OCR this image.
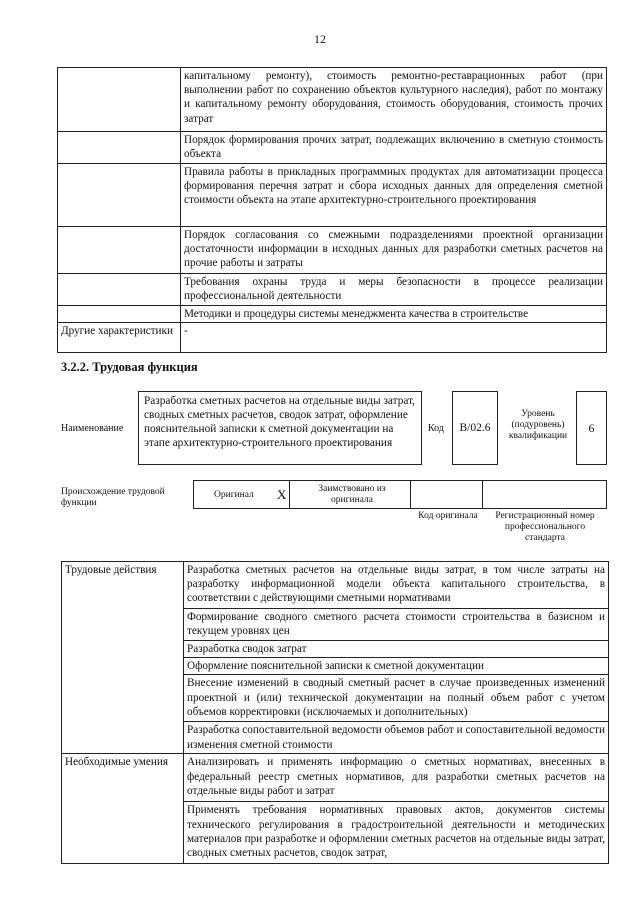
12
	капитальному ремонту), стоимость ремонтно-реставрационных работ (при выполнении работ по сохранению объектов культурного наследия), работ по монтажу и капитальному ремонту оборудования, стоимость оборудования, стоимость прочих затрат
	Порядок формирования прочих затрат, подлежащих включению в сметную стоимость объекта
	Правила работы в прикладных программных продуктах для автоматизации процесса формирования перечня затрат и сбора исходных данных для определения сметной стоимости объекта на этапе архитектурно-строительного проектирования
	Порядок согласования со смежными подразделениями проектной организации достаточности информации в исходных данных для разработки сметных расчетов на прочие работы и затраты
	Требования охраны труда и меры безопасности в процессе реализации профессиональной деятельности
	Методики и процедуры системы менеджмента качества в строительстве
Другие характеристики	-
3.2.2. Трудовая функция
Наименование
Разработка сметных расчетов на отдельные виды затрат, сводных сметных расчетов, сводок затрат, оформление пояснительной записки к сметной документации на этапе архитектурно-строительного проектирования
Код В/02.6
Уровень (подуровень) квалификации
6
Происхождение трудовой функции
Оригинал X	Заимствовано из оригинала
Код оригинала	Регистрационный номер профессионального стандарта
Трудовые действия	Разработка сметных расчетов на отдельные виды затрат, в том числе затраты на разработку информационной модели объекта капитального строительства, в соответствии с действующими сметными нормативами
	Формирование сводного сметного расчета стоимости строительства в базисном и текущем уровнях цен
	Разработка сводок затрат
	Оформление пояснительной записки к сметной документации
	Внесение изменений в сводный сметный расчет в случае произведенных изменений проектной и (или) технической документации на полный объем работ с учетом объемов корректировки (исключаемых и дополнительных)
	Разработка сопоставительной ведомости объемов работ и сопоставительной ведомости изменения сметной стоимости
Необходимые умения	Анализировать и применять информацию о сметных нормативах, внесенных в федеральный реестр сметных нормативов, для разработки сметных расчетов на отдельные виды работ и затрат
	Применять требования нормативных правовых актов, документов системы технического регулирования в градостроительной деятельности и методических материалов при разработке и оформлении сметных расчетов на отдельные виды затрат, сводных сметных расчетов, сводок затрат,
